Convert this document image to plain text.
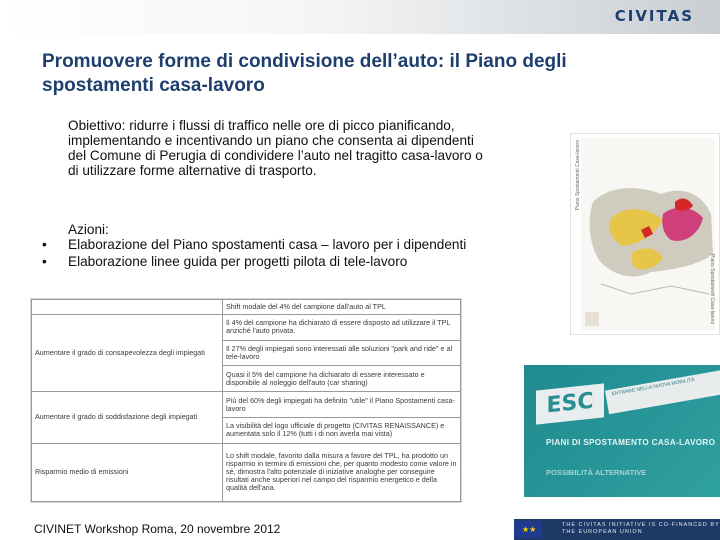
CIVITAS
Promuovere forme di condivisione dell’auto: il Piano degli spostamenti casa-lavoro
Obiettivo: ridurre i flussi di traffico nelle ore di picco pianificando, implementando e incentivando un piano che consenta ai dipendenti del Comune di Perugia di condividere l’auto nel tragitto casa-lavoro o di utilizzare forme alternative di trasporto.
Azioni:
• Elaborazione del Piano spostamenti casa – lavoro per i dipendenti
• Elaborazione linee guida per progetti pilota di tele-lavoro
	Shift modale del 4% del campione dall'auto al TPL
Aumentare il grado di consapevolezza degli impiegati	Il 4% del campione ha dichiarato di essere disposto ad utilizzare il TPL anziché l'auto privata.
	Il 27% degli impiegati sono interessati alle soluzioni "park and ride" e al tele-lavoro
	Quasi il 5% del campione ha dichiarato di essere interessato e disponibile al noleggio dell'auto (car sharing)
Aumentare il grado di soddisfazione degli impiegati	Più del 60% degli impiegati ha definito "utile" il Piano Spostamenti casa-lavoro
	La visibilità del logo ufficiale di progetto (CIVITAS RENAISSANCE) e aumentata solo il 12% (tutti i di non averla mai vista)
Risparmio medio di emissioni	Lo shift modale, favorito dalla misura a favore del TPL, ha prodotto un risparmio in termini di emissioni che, per quanto modesto come valore in sé, dimostra l'alto potenziale di iniziative analoghe per conseguire risultati anche superiori nel campo del risparmio energetico e della qualità dell'aria.
Piano Spostamenti Casa-lavoro
Piano Spostamenti Casa-lavoro
ESC
ENTRARE NELLA NUOVA MOBILITÀ
PIANI DI SPOSTAMENTO CASA-LAVORO
POSSIBILITÀ ALTERNATIVE
CIVINET Workshop Roma, 20 novembre 2012	★★	THE CIVITAS INITIATIVE IS CO-FINANCED BY THE EUROPEAN UNION
